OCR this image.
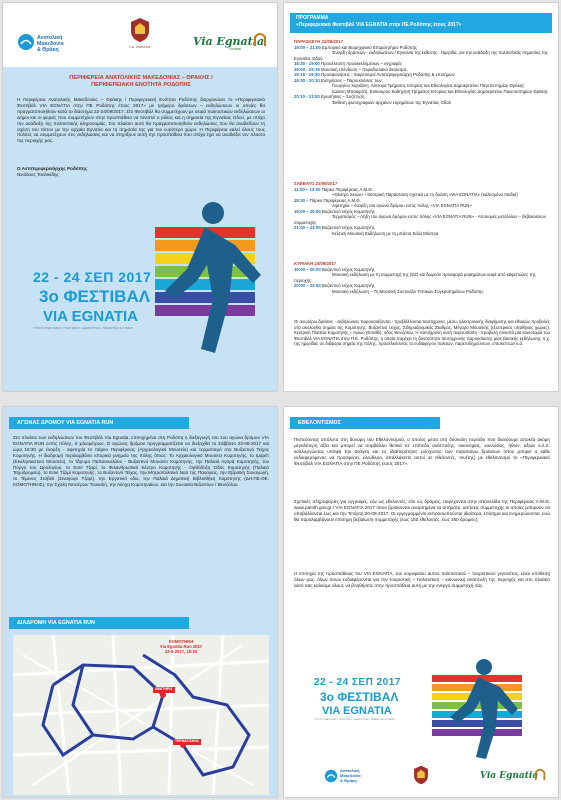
Ανατολική
Μακεδονία
& Θράκη	Π.Ε. ΡΟΔΟΠΗΣ	Via Egnatia
Festival
ΠΕΡΙΦΕΡΕΙΑ ΑΝΑΤΟΛΙΚΗΣ ΜΑΚΕΔΟΝΙΑΣ – ΘΡΑΚΗΣ /
ΠΕΡΙΦΕΡΕΙΑΚΗ ΕΝΟΤΗΤΑ ΡΟΔΟΠΗΣ

Η Περιφέρεια Ανατολικής Μακεδονίας – Θράκης / Περιφερειακή Ενότητα Ροδόπης διοργανώνει το «Περιφερειακό Φεστιβάλ VIA EGNATIA στην ΠΕ Ροδόπης έτους 2017» με τρήμερο δράσεων – εκδηλώσεων οι οποίες θα πραγματοποιηθούν κατά το διάστημα 22-24/09/2017. Στο Φεστιβάλ θα συμμετέχουν με σειρά πολιτιστικών εκδηλώσεων οι Δήμοι και οι φορείς που συμμετέχουν στην προσπάθεια να τονιστεί ο ρόλος και η σημασία της Εγνατίας Οδού, με στόχο την ανάδειξη της πολιτιστικής κληρονομιάς. Στο πλαίσιο αυτό θα πραγματοποιηθούν εκδηλώσεις που θα αναδείξουν τη σχέση του τόπου με την αρχαία Εγνατία και τη σημασία της για τον ευρύτερο χώρο. Η Περιφέρεια καλεί όλους τους πολίτες να συμμετέχουν στις εκδηλώσεις και να στηρίξουν αυτή την προσπάθεια που στόχο έχει να αναδείξει τον πλούτο της περιοχής μας.

Ο Αντιπεριφερειάρχης Ροδόπης
Νικόλαος Τσαλικίδης
22 - 24 ΣΕΠ 2017
3ο ΦΕΣΤΙΒΑΛ
VIA EGNATIA
ΤΟΠΟΣ ΣΥΝΑΝΤΗΣΗΣ • ΠΟΛΙΤΙΣΜΟΥ • ΔΗΜΙΟΥΡΓΙΑΣ • ΠΑΡΑΔΟΣΗΣ & ΓΝΩΣΗΣ
ΠΡΟΓΡΑΜΜΑ
«Περιφερειακό Φεστιβάλ VIA EGNATIA στην ΠΕ Ροδόπης έτους 2017»
ΠΑΡΑΣΚΕΥΗ 22/09/2017
19:00 – 21:00 Εμπορικό και Βιομηχανικό Επιμελητήριο Ροδόπης
Έναρξη δράσεων - εκδηλώσεων / Εγκαίνια της έκθεσης : Ημερίδα, για την ανάδειξη της πολιτιστικής σημασίας της Εγνατίας Οδού.
18:30 - 19:00 Προσέλευση προσκεκλημένων – εγγραφές
19:00 - 19:15 Μουσική επένδυση – παραδοσιακό άκουσμα
19:15 - 19:30 Προσφωνήσεις - Χαιρετισμοί Αντιπεριφερειάρχη Ροδόπης & επισήμων
19:30 - 20:10 Εισηγήσεις – Παρουσιάσεις των:
Γεωργίου Χαριζάνη, Λέκτορα Τμήματος Ιστορίας και Εθνολογίας Δημοκριτείου Πανεπιστημίου Θράκης
Ιωάννη Μπακιρτζή, Επίκουρου Καθηγητή Τμήματος Ιστορίας και Εθνολογίας Δημοκριτείου Πανεπιστημίου Θράκης
20:10 - 21:00 Ερωτήσεις – Συζήτηση
Έκθεση φωτογραφιών αρχαίων ευρημάτων της Εγνατίας Οδού
ΣΑΒΒΑΤΟ 23/09/2017
11:00 – 13:00 Πάρκο Περιφέρειας Α.Μ.Θ.
«Θέατρο Σκιών» / Θεατρική Παράσταση σχετική με τη δράση «VIA EGNATIA» (καλεσμένα παιδιά)
18:30 – Πάρκο Περιφέρειας Α.Μ.Θ.
Αφετηρία – έναρξη του αγώνα δρόμου εντός πόλης «VIA EGNATIA RUN»
19:00 – 20:00 Βυζαντινό τείχος Κομοτηνής
Τερματισμός – Λήξη του αγώνα δρόμου εντός πόλης «VIA EGNATIA RUN» - Απονομές μεταλλίων – βεβαιώσεων συμμετοχής
21:00 – 23:00 Βυζαντινό τείχος Κομοτηνής
Κελτική Μουσική Εκδήλωση με τη μπάντα Κάζα Μόστρα
ΚΥΡΙΑΚΗ 24/09/2017
19:00 – 20:00 Βυζαντινό τείχος Κομοτηνής
Μουσική εκδήλωση με τη συμμετοχή της (ΕΖ) και δωρεάν προσφορά ροφημάτων καφέ από καφεπώλες της περιοχής
20:00 – 23:00 Βυζαντινό τείχος Κομοτηνής
Μουσική εκδήλωση – Τη Μουσική Συντονίζει Τοπικών Συγκροτημάτων Ροδόπης

Οι ανωτέρω δράσεις - εκδηλώσεις παρουσιάζονται - προβάλλονται ταυτόχρονα, μέσω ηλεκτρονικής διαφήμισης και εθνικών προβολές στα ακόλουθα σημεία της Κομοτηνής: Βυζαντινό τείχος, Σιδηροδρομικός Σταθμός, Μέγαρο Μουσικής (εξωτερικός υπαίθριος χώρος), Κεντρική Πλατεία Κομοτηνής – Ηρώο (Επαθλ), οδός Βενιζέλου. Η ταυτόχρονη αυτή παρουσίαση - προβολή συνιστά μία καινοτομία του Φεστιβάλ VIA EGNATIA στην Π.Ε. Ροδόπης, η οποία παρέχει τη δυνατότητα ταυτόχρονης παρουσίασης μίας βασικής εκδήλωσης π.χ. της ημερίδας σε διάφορα σημεία της πόλης, προσελκύοντας το ενδιαφέρον πολιτών, παρεπιδημούντων, επισκεπτών κ.ά.

ΑΓΩΝΑΣ ΔΡΟΜΟΥ VIA EGNATIA RUN

Στο πλαίσιο των εκδηλώσεων του Φεστιβάλ Via Egnatia, επιτυχημένα στη Ροδόπη η διεξαγωγή του 1ου αγώνα δρόμου VIA EGNATIA RUN εντός πόλης, 5 χιλιομέτρων. Ο αγώνας δρόμου προγραμματίζεται να διεξαχθεί το Σάββατο 23-09-2017 και ώρα 18:30 με έναρξη - αφετηρία το πάρκο Περιφέρειας (Αρχαιολογικό Μουσείο) και τερματισμό στο Βυζαντινό Τείχος Κομοτηνής. Η διαδρομή περιλαμβάνει ιστορικά μνημεία της πόλης όπως: Το Αρχαιολογικό Μουσείο Κομοτηνής, το Ιμαρέτ (Εκκλησιαστικό Μουσείο), το Ίδρυμα Παπανικολάου - Βυζαντινό Μουσείο Κομοτηνής, την Παλαιά Αγορά Κομοτηνής, τον Πύργο του Ωρολογίου, το Εσκί Τζαμί, το Φιλανθρωπικό Κέντρο Κομοτηνής - Ορθόδοξη Οδός Κομοτηνής (Παλαιό Ταχυδρομείο), το Εσκί Τζαμί Κομοτηνής, το Βυζαντινό Τείχος, την Μητροπολιτικό Ναό της Παναγίας, την Εβραϊκή Συναγωγή, το Τέμενος Σελβιλί (Σιναγώγε Τζαμί), την Εργατικό εδώ, την Παλαιά Δημοτική Βιβλιοθήκη Κομοτηνής (ΔΗ.ΠΕ.ΘΕ. ΚΟΜΟΤΗΝΗΣ), την Σχολή Νεοτέρων Τουκαλή, την Λέσχη Κομοτηναίων, και την Συνοικία Βιζαντίων / Βενιζέλου.

ΔΙΑΔΡΟΜΗ VIA EGNATIA RUN
ΚΟΜΟΤΗΝΗ
Via Egnatia Run 2017
23-9-2017, 18:30
ΑΦΕΤΗΡΙΑ
ΤΕΡΜΑΤΙΣΜΟΣ
ΕΘΕΛΟΝΤΙΣΜΟΣ

Πιστεύοντας απόλυτα στη δύναμη του Εθελοντισμού, ο οποίος μέσα στη δύσκολη περίοδο που διανύουμε αποκτά ακόμη μεγαλύτερη αξία και μπορεί να συμβάλλει θετικά σε επίπεδο ανάπτυξης, οικονομίας, κοινωνίας, ήθων, αξιών κ.λ.π. καλλιεργώντας υπόψη την ανάγκη και τις ιδιαιτερότητες ενίσχυσης των παραπάνω δράσεων όπου μπορεί ο κάθε ενδιαφερόμενος να προσφέρει, ελεύθερα, απαλλάκτετε αυτοί σε εθελοντές, του(της) με εθελοντισμό το «Περιφερειακό Φεστιβάλ VIA EGNATIA στην ΠΕ Ροδόπης έτους 2017».

Σχετικές πληροφορίες για εγγραφές, εάν ως εθελοντές, είτε ως δράμεις, παρέχονται στην ιστοσελίδα της Περιφέρειας Α.Μ.Θ. www.pamth.gov.gr / VIA EGNATIA 2017 όπου βρίσκονται αναρτημένα τα αιτήματα, αιτήσεις συμμετοχής οι οποίες μπορούν να υποβάλλονται έως και την Τετάρτη 20-09-2017. Οι εγγεγραμμένοι εκπροσωπούνται ιδιαίτερα, επίσημα και ενημερώνονται, ενώ θα παραλαμβάνουν επίσημη βεβαίωση συμμετοχής (έως 150 εθελοντές, έως 350 δρομείς).

Η επιτυχία της προσπάθειας του VIA EGNATIA, του κορυφαίου αυτού πολιτιστικού – τουριστικού γεγονότος, είναι υπόθεση όλων μας, όλων όσων ενδιαφέρονται για την τουριστική – πολιτιστική – κοινωνική ανάπτυξη της περιοχής και στο πλαίσιο αυτό σας καλούμε όλους να βοηθήσετε στην προσπάθεια αυτή με την ενεργό συμμετοχή σας.

22 - 24 ΣΕΠ 2017
3ο ΦΕΣΤΙΒΑΛ
VIA EGNATIA
ΤΟΠΟΣ ΣΥΝΑΝΤΗΣΗΣ • ΠΟΛΙΤΙΣΜΟΥ • ΔΗΜΙΟΥΡΓΙΑΣ • ΠΑΡΑΔΟΣΗΣ & ΓΝΩΣΗΣ
Ανατολική
Μακεδονία
& Θράκη	Via Egnatia
